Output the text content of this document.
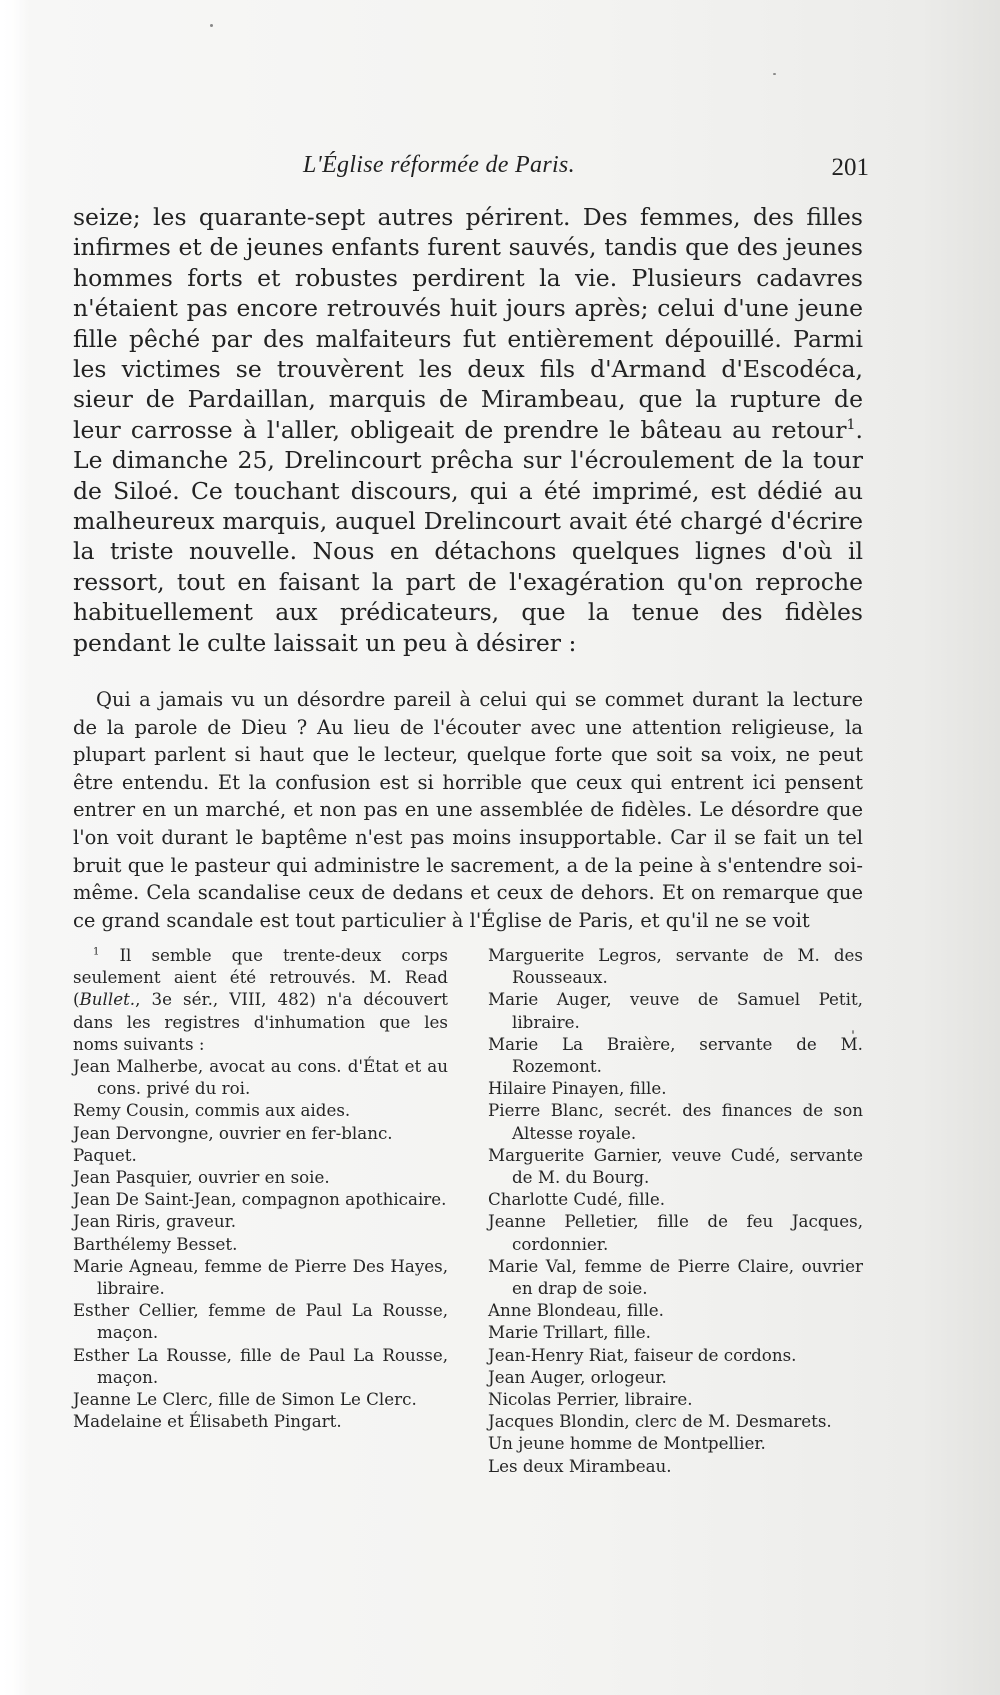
L'Église réformée de Paris.	201

seize; les quarante-sept autres périrent. Des femmes, des filles infirmes et de jeunes enfants furent sauvés, tandis que des jeunes hommes forts et robustes perdirent la vie. Plusieurs cadavres n'étaient pas encore retrouvés huit jours après; celui d'une jeune fille pêché par des malfaiteurs fut entièrement dépouillé. Parmi les victimes se trouvèrent les deux fils d'Armand d'Escodéca, sieur de Pardaillan, marquis de Mirambeau, que la rupture de leur carrosse à l'aller, obligeait de prendre le bâteau au retour$^1$. Le dimanche 25, Drelincourt prêcha sur l'écroulement de la tour de Siloé. Ce touchant discours, qui a été imprimé, est dédié au malheureux marquis, auquel Drelincourt avait été chargé d'écrire la triste nouvelle. Nous en détachons quelques lignes d'où il ressort, tout en faisant la part de l'exagération qu'on reproche habituellement aux prédicateurs, que la tenue des fidèles pendant le culte laissait un peu à désirer :

Qui a jamais vu un désordre pareil à celui qui se commet durant la lecture de la parole de Dieu ? Au lieu de l'écouter avec une attention religieuse, la plupart parlent si haut que le lecteur, quelque forte que soit sa voix, ne peut être entendu. Et la confusion est si horrible que ceux qui entrent ici pensent entrer en un marché, et non pas en une assemblée de fidèles. Le désordre que l'on voit durant le baptême n'est pas moins insupportable. Car il se fait un tel bruit que le pasteur qui administre le sacrement, a de la peine à s'entendre soi-même. Cela scandalise ceux de dedans et ceux de dehors. Et on remarque que ce grand scandale est tout particulier à l'Église de Paris, et qu'il ne se voit
$^1$ Il semble que trente-deux corps seulement aient été retrouvés. M. Read (Bullet., 3e sér., VIII, 482) n'a découvert dans les registres d'inhumation que les noms suivants :
Jean Malherbe, avocat au cons. d'État et au cons. privé du roi.
Remy Cousin, commis aux aides.
Jean Dervongne, ouvrier en fer-blanc.
Paquet.
Jean Pasquier, ouvrier en soie.
Jean De Saint-Jean, compagnon apothicaire.
Jean Riris, graveur.
Barthélemy Besset.
Marie Agneau, femme de Pierre Des Hayes, libraire.
Esther Cellier, femme de Paul La Rousse, maçon.
Esther La Rousse, fille de Paul La Rousse, maçon.
Jeanne Le Clerc, fille de Simon Le Clerc.
Madelaine et Élisabeth Pingart.
Marguerite Legros, servante de M. des Rousseaux.
Marie Auger, veuve de Samuel Petit, libraire.
Marie La Braière, servante de M. Rozemont.
Hilaire Pinayen, fille.
Pierre Blanc, secrét. des finances de son Altesse royale.
Marguerite Garnier, veuve Cudé, servante de M. du Bourg.
Charlotte Cudé, fille.
Jeanne Pelletier, fille de feu Jacques, cordonnier.
Marie Val, femme de Pierre Claire, ouvrier en drap de soie.
Anne Blondeau, fille.
Marie Trillart, fille.
Jean-Henry Riat, faiseur de cordons.
Jean Auger, orlogeur.
Nicolas Perrier, libraire.
Jacques Blondin, clerc de M. Desmarets.
Un jeune homme de Montpellier.
Les deux Mirambeau.
